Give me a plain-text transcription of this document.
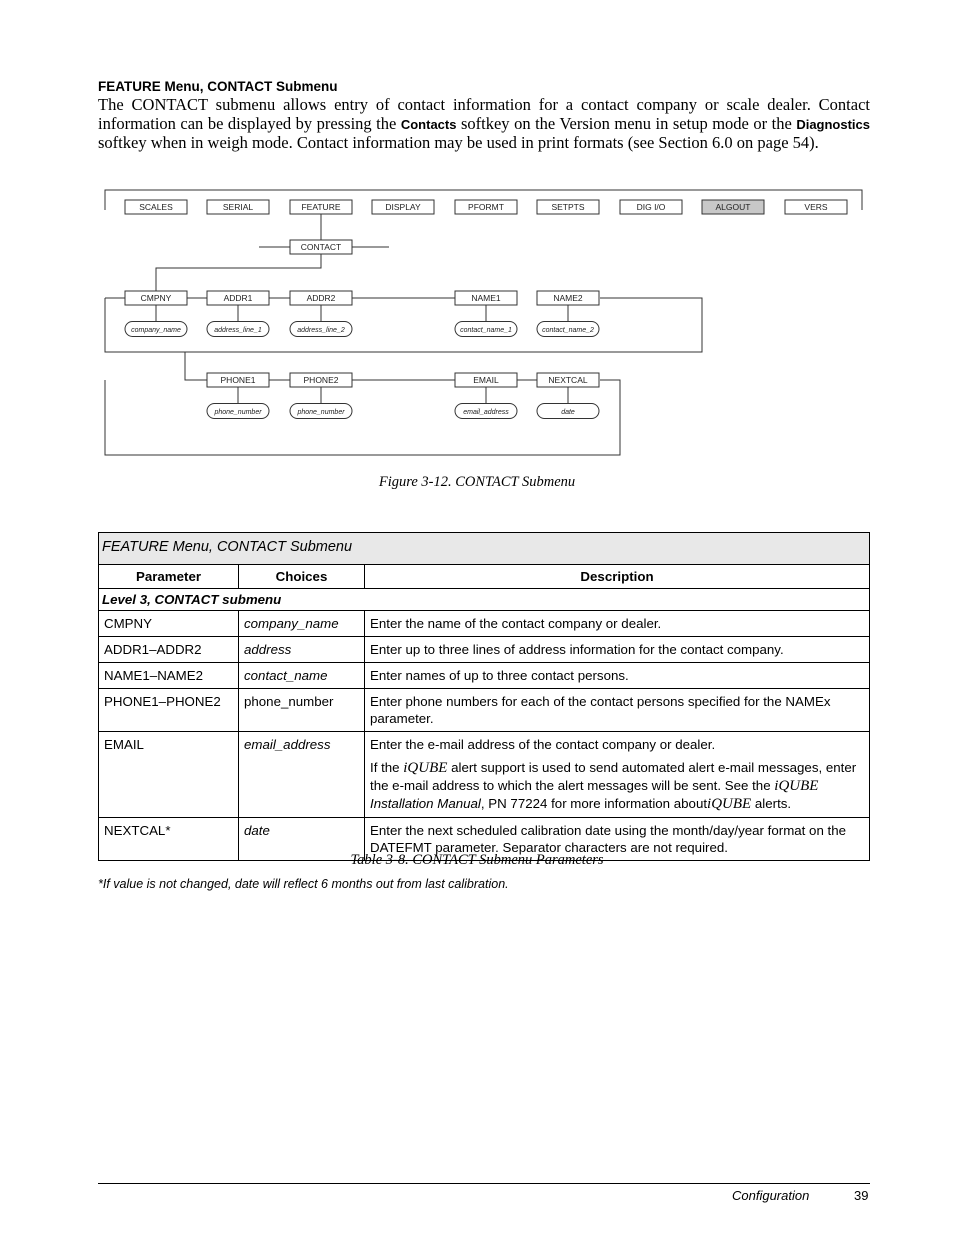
FEATURE Menu, CONTACT Submenu
The CONTACT submenu allows entry of contact information for a contact company or scale dealer. Contact information can be displayed by pressing the Contacts softkey on the Version menu in setup mode or the Diagnostics softkey when in weigh mode. Contact information may be used in print formats (see Section 6.0 on page 54).
SCALES	SERIAL	FEATURE	DISPLAY	PFORMT	SETPTS	DIG I/O	ALGOUT	VERS
CONTACT
CMPNY
company_name
ADDR1
address_line_1
ADDR2
address_line_2
NAME1
contact_name_1
NAME2
contact_name_2
PHONE1
phone_number
PHONE2
phone_number
EMAIL
email_address
NEXTCAL
date
Figure 3-12. CONTACT Submenu
FEATURE Menu, CONTACT Submenu		
Parameter	Choices	Description
Level 3, CONTACT submenu		
CMPNY	company_name	Enter the name of the contact company or dealer.
ADDR1–ADDR2	address	Enter up to three lines of address information for the contact company.
NAME1–NAME2	contact_name	Enter names of up to three contact persons.
PHONE1–PHONE2	phone_number	Enter phone numbers for each of the contact persons specified for the NAMEx parameter.
EMAIL	email_address	Enter the e-mail address of the contact company or dealer.

If the iQUBE alert support is used to send automated alert e-mail messages, enter the e-mail address to which the alert messages will be sent. See the iQUBE
Installation Manual, PN 77224 for more information aboutiQUBE alerts.

NEXTCAL*	date	Enter the next scheduled calibration date using the month/day/year format on the DATEFMT parameter. Separator characters are not required.
Table 3-8. CONTACT Submenu Parameters
*If value is not changed, date will reflect 6 months out from last calibration.
Configuration	39
